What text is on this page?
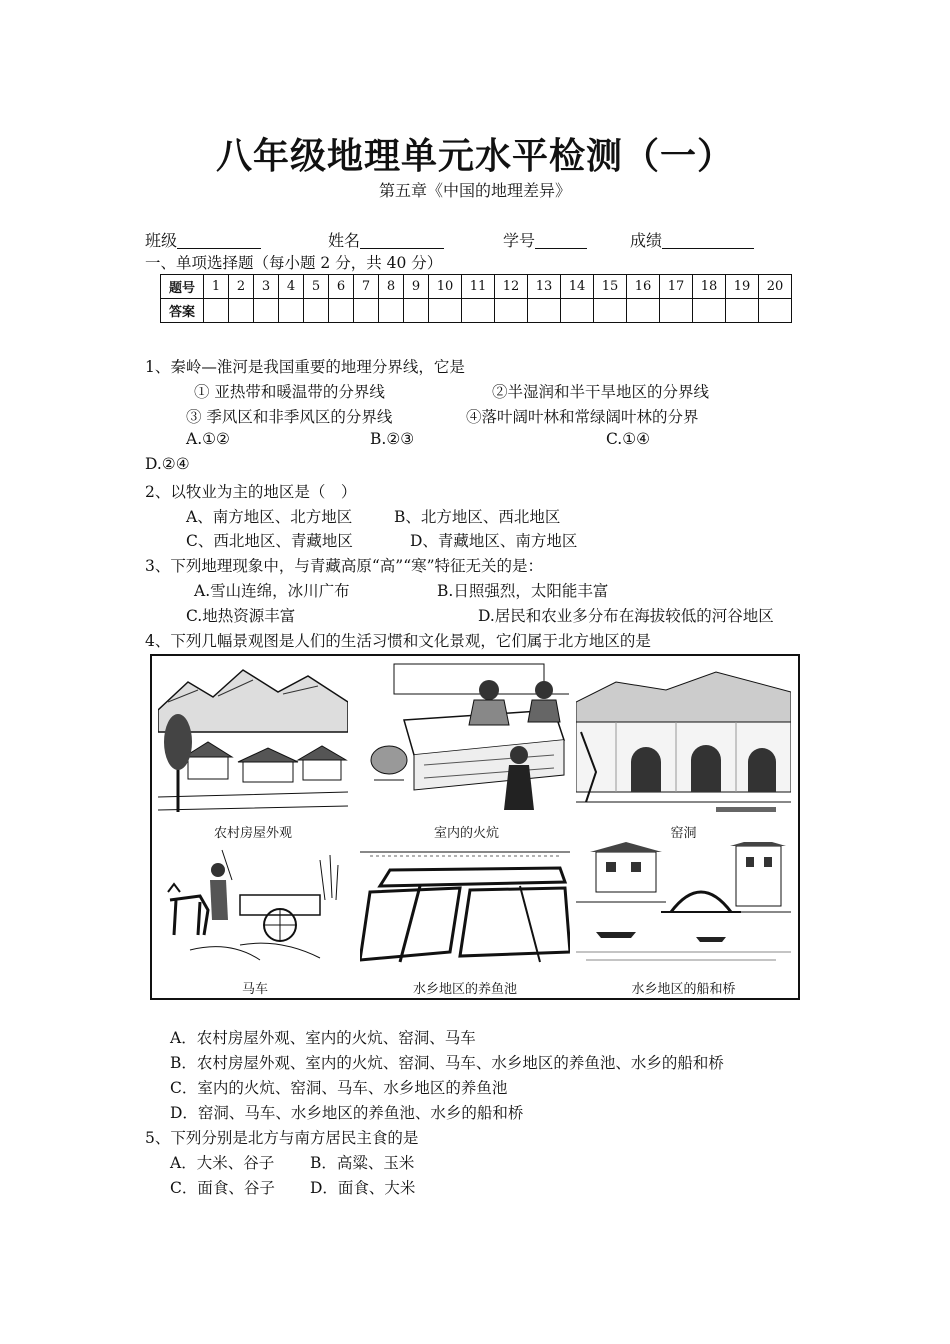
八年级地理单元水平检测（一）
第五章《中国的地理差异》
班级	姓名	学号	成绩
一、单项选择题（每小题 2 分，共 40 分）
题号	1	2	3	4	5	6	7	8	9	10	11	12	13	14	15	16	17	18	19	20
答案																				
1、秦岭—淮河是我国重要的地理分界线，它是
① 亚热带和暖温带的分界线	②半湿润和半干旱地区的分界线
③ 季风区和非季风区的分界线	④落叶阔叶林和常绿阔叶林的分界
A.①②	B.②③	C.①④
D.②④
2、以牧业为主的地区是（　）
A、南方地区、北方地区	B、北方地区、西北地区
C、西北地区、青藏地区	D、青藏地区、南方地区
3、下列地理现象中，与青藏高原“高”“寒”特征无关的是：
A.雪山连绵，冰川广布	B.日照强烈，太阳能丰富
C.地热资源丰富	D.居民和农业多分布在海拔较低的河谷地区
4、下列几幅景观图是人们的生活习惯和文化景观，它们属于北方地区的是
农村房屋外观	室内的火炕	窑洞
马车	水乡地区的养鱼池	水乡地区的船和桥
A．农村房屋外观、室内的火炕、窑洞、马车
B．农村房屋外观、室内的火炕、窑洞、马车、水乡地区的养鱼池、水乡的船和桥
C．室内的火炕、窑洞、马车、水乡地区的养鱼池
D．窑洞、马车、水乡地区的养鱼池、水乡的船和桥
5、下列分别是北方与南方居民主食的是
A．大米、谷子 B．高粱、玉米
C．面食、谷子 D．面食、大米
